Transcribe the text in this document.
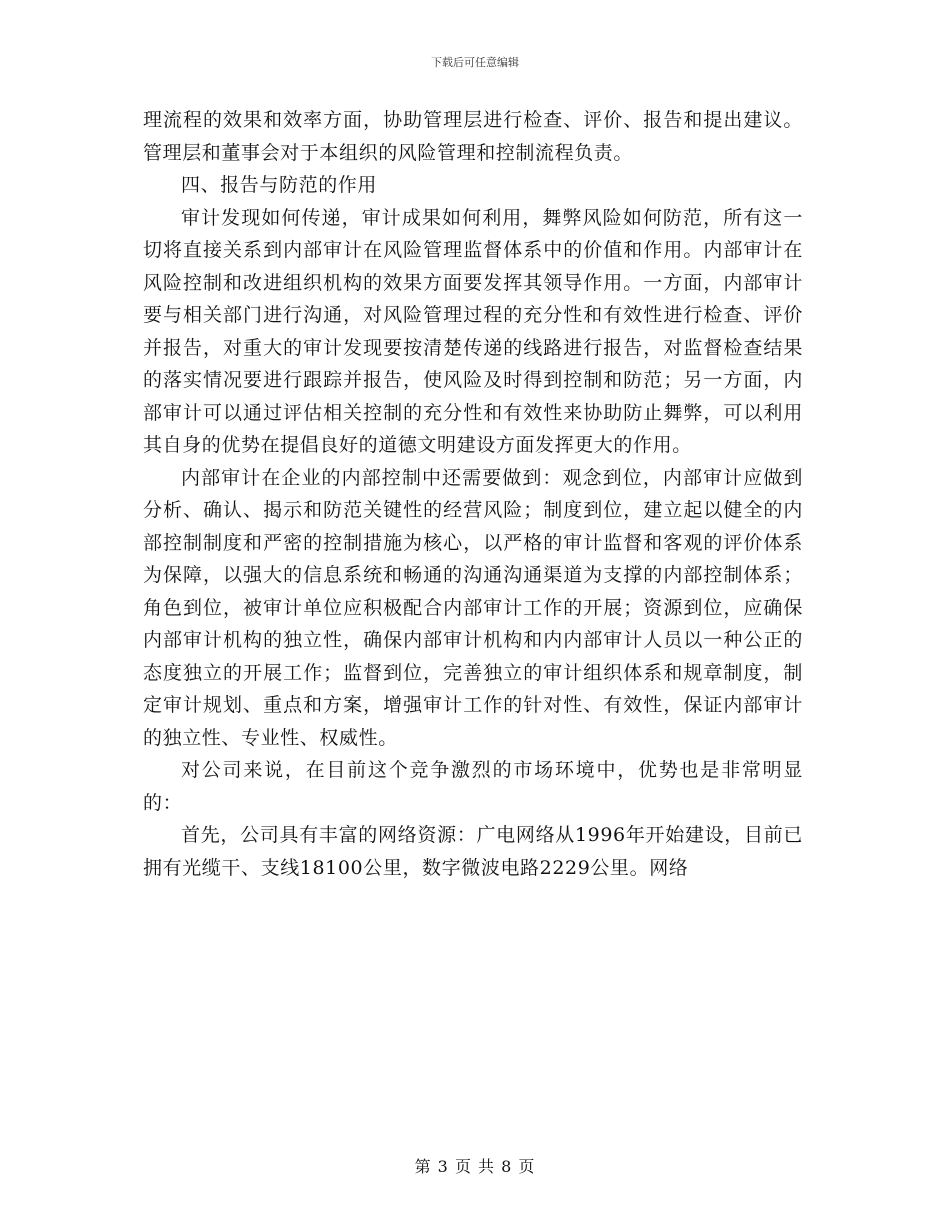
下载后可任意编辑

理流程的效果和效率方面，协助管理层进行检查、评价、报告和提出建议。管理层和董事会对于本组织的风险管理和控制流程负责。

四、报告与防范的作用

审计发现如何传递，审计成果如何利用，舞弊风险如何防范，所有这一切将直接关系到内部审计在风险管理监督体系中的价值和作用。内部审计在风险控制和改进组织机构的效果方面要发挥其领导作用。一方面，内部审计要与相关部门进行沟通，对风险管理过程的充分性和有效性进行检查、评价并报告，对重大的审计发现要按清楚传递的线路进行报告，对监督检查结果的落实情况要进行跟踪并报告，使风险及时得到控制和防范；另一方面，内部审计可以通过评估相关控制的充分性和有效性来协助防止舞弊，可以利用其自身的优势在提倡良好的道德文明建设方面发挥更大的作用。

内部审计在企业的内部控制中还需要做到：观念到位，内部审计应做到分析、确认、揭示和防范关键性的经营风险；制度到位，建立起以健全的内部控制制度和严密的控制措施为核心，以严格的审计监督和客观的评价体系为保障，以强大的信息系统和畅通的沟通沟通渠道为支撑的内部控制体系；角色到位，被审计单位应积极配合内部审计工作的开展；资源到位，应确保内部审计机构的独立性，确保内部审计机构和内内部审计人员以一种公正的态度独立的开展工作；监督到位，完善独立的审计组织体系和规章制度，制定审计规划、重点和方案，增强审计工作的针对性、有效性，保证内部审计的独立性、专业性、权威性。

对公司来说，在目前这个竞争激烈的市场环境中，优势也是非常明显的：

首先，公司具有丰富的网络资源：广电网络从1996年开始建设，目前已拥有光缆干、支线18100公里，数字微波电路2229公里。网络

第 3 页 共 8 页
